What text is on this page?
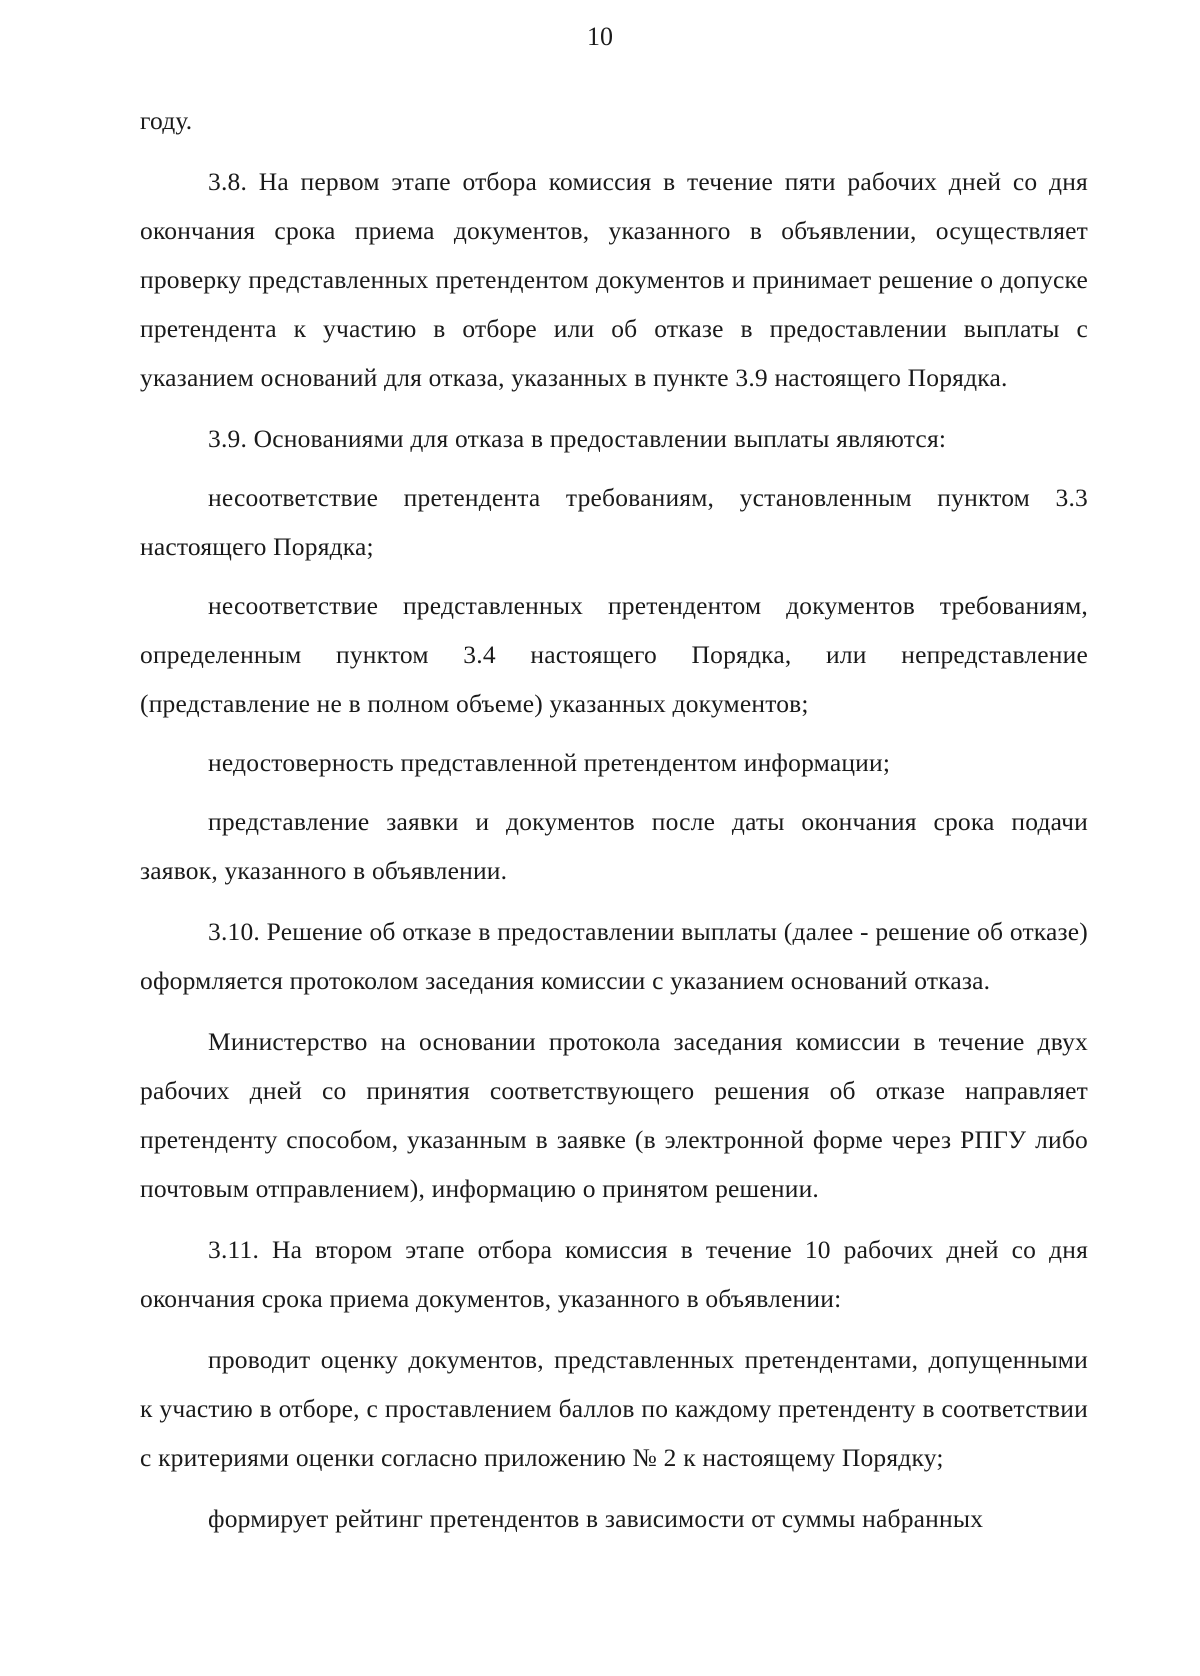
10

году.

3.8. На первом этапе отбора комиссия в течение пяти рабочих дней со дня окончания срока приема документов, указанного в объявлении, осуществляет проверку представленных претендентом документов и принимает решение о допуске претендента к участию в отборе или об отказе в предоставлении выплаты с указанием оснований для отказа, указанных в пункте 3.9 настоящего Порядка.

3.9. Основаниями для отказа в предоставлении выплаты являются:

несоответствие претендента требованиям, установленным пунктом 3.3 настоящего Порядка;

несоответствие представленных претендентом документов требованиям, определенным пунктом 3.4 настоящего Порядка, или непредставление (представление не в полном объеме) указанных документов;

недостоверность представленной претендентом информации;

представление заявки и документов после даты окончания срока подачи заявок, указанного в объявлении.

3.10. Решение об отказе в предоставлении выплаты (далее - решение об отказе) оформляется протоколом заседания комиссии с указанием оснований отказа.

Министерство на основании протокола заседания комиссии в течение двух рабочих дней со принятия соответствующего решения об отказе направляет претенденту способом, указанным в заявке (в электронной форме через РПГУ либо почтовым отправлением), информацию о принятом решении.

3.11. На втором этапе отбора комиссия в течение 10 рабочих дней со дня окончания срока приема документов, указанного в объявлении:

проводит оценку документов, представленных претендентами, допущенными к участию в отборе, с проставлением баллов по каждому претенденту в соответствии с критериями оценки согласно приложению № 2 к настоящему Порядку;

формирует рейтинг претендентов в зависимости от суммы набранных
